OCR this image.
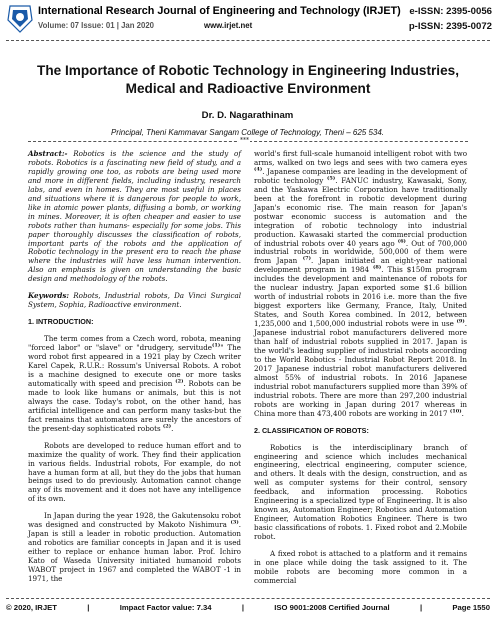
International Research Journal of Engineering and Technology (IRJET) e-ISSN: 2395-0056
Volume: 07 Issue: 01 | Jan 2020	www.irjet.net	p-ISSN: 2395-0072
The Importance of Robotic Technology in Engineering Industries, Medical and Radioactive Environment
Dr. D. Nagarathinam
Principal, Theni Kammavar Sangam College of Technology, Theni – 625 534.
***

Abstract:- Robotics is the science and the study of robots. Robotics is a fascinating new field of study, and a rapidly growing one too, as robots are being used more and more in different fields, including industry, research labs, and even in homes. They are most useful in places and situations where it is dangerous for people to work, like in atomic power plants, diffusing a bomb, or working in mines. Moreover, it is often cheaper and easier to use robots rather than humans- especially for some jobs. This paper thoroughly discusses the classification of robots, important parts of the robots and the application of Robotic technology in the present era to reach the phase where the industries will have less human intervention. Also an emphasis is given on understanding the basic design and methodology of the robots.

Keywords: Robots, Industrial robots, Da Vinci Surgical System, Sophia, Radioactive environment.

1. INTRODUCTION:

The term comes from a Czech word, robota, meaning "forced labor" or "slave" or "drudgery, servitude$^{(1)}$" The word robot first appeared in a 1921 play by Czech writer Karel Capek, R.U.R.: Rossum's Universal Robots. A robot is a machine designed to execute one or more tasks automatically with speed and precision $^{(2)}$. Robots can be made to look like humans or animals, but this is not always the case. Today's robot, on the other hand, has artificial intelligence and can perform many tasks-but the fact remains that automatons are surely the ancestors of the present-day sophisticated robots $^{(2)}$.

Robots are developed to reduce human effort and to maximize the quality of work. They find their application in various fields. Industrial robots, For example, do not have a human form at all, but they do the jobs that human beings used to do previously. Automation cannot change any of its movement and it does not have any intelligence of its own.

In Japan during the year 1928, the Gakutensoku robot was designed and constructed by Makoto Nishimura $^{(3)}$. Japan is still a leader in robotic production. Automation and robotics are familiar concepts in Japan and it is used either to replace or enhance human labor. Prof. Ichiro Kato of Waseda University initiated humanoid robots WABOT project in 1967 and completed the WABOT -1 in 1971, the

world's first full-scale humanoid intelligent robot with two arms, walked on two legs and sees with two camera eyes $^{(4)}$. Japanese companies are leading in the development of robotic technology $^{(5)}$. FANUC industry, Kawasaki, Sony, and the Yaskawa Electric Corporation have traditionally been at the forefront in robotic development during Japan's economic rise. The main reason for Japan's postwar economic success is automation and the integration of robotic technology into industrial production. Kawasaki started the commercial production of industrial robots over 40 years ago $^{(6)}$. Out of 700,000 industrial robots in worldwide, 500,000 of them were from Japan $^{(7)}$. Japan initiated an eight-year national development program in 1984 $^{(8)}$. This $150m program includes the development and maintenance of robots for the nuclear industry. Japan exported some $1.6 billion worth of industrial robots in 2016 i.e. more than the five biggest exporters like Germany, France, Italy, United States, and South Korea combined. In 2012, between 1,235,000 and 1,500,000 industrial robots were in use $^{(9)}$. Japanese industrial robot manufacturers delivered more than half of industrial robots supplied in 2017. Japan is the world's leading supplier of industrial robots according to the World Robotics - Industrial Robot Report 2018. In 2017 Japanese industrial robot manufacturers delivered almost 55% of industrial robots. In 2016 Japanese industrial robot manufacturers supplied more than 39% of industrial robots. There are more than 297,200 industrial robots are working in Japan during 2017 whereas in China more than 473,400 robots are working in 2017 $^{(10)}$.

2. CLASSIFICATION OF ROBOTS:

Robotics is the interdisciplinary branch of engineering and science which includes mechanical engineering, electrical engineering, computer science, and others. It deals with the design, construction, and as well as computer systems for their control, sensory feedback, and information processing. Robotics Engineering is a specialized type of Engineering. It is also known as, Automation Engineer; Robotics and Automation Engineer, Automation Robotics Engineer. There is two basic classifications of robots. 1. Fixed robot and 2.Mobile robot.

A fixed robot is attached to a platform and it remains in one place while doing the task assigned to it. The mobile robots are becoming more common in a commercial

© 2020, IRJET	|	Impact Factor value: 7.34	|	ISO 9001:2008 Certified Journal	|	Page 1550
